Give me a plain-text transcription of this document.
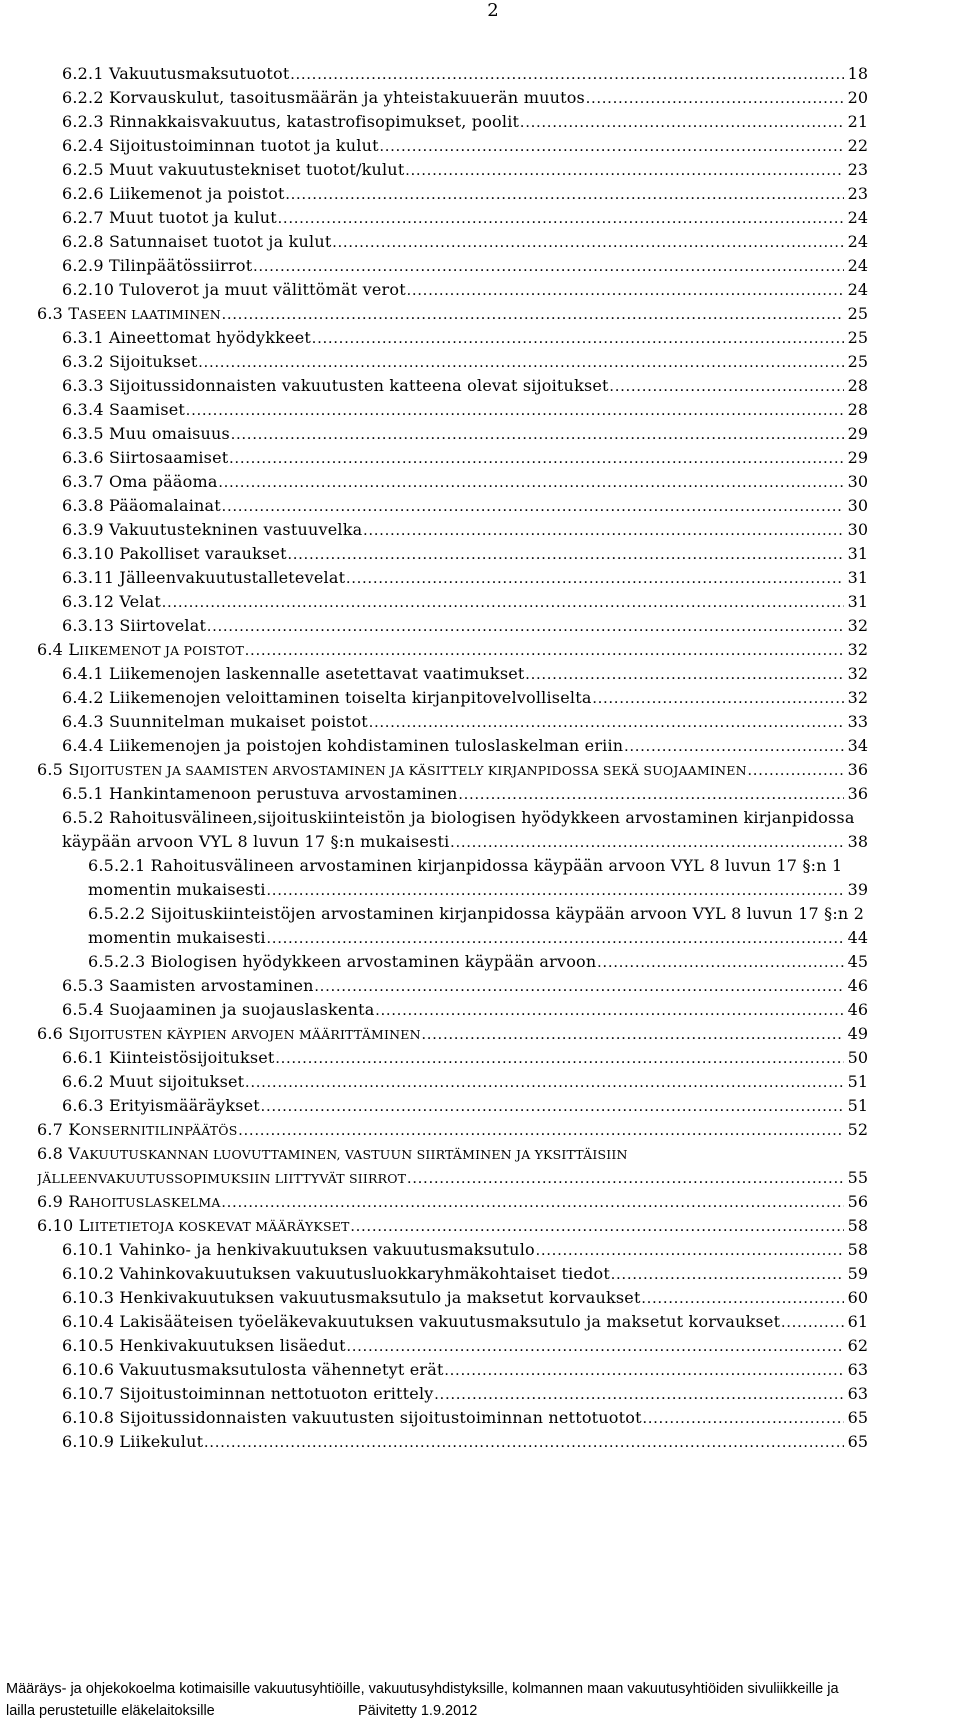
2
6.2.1 Vakuutusmaksutuotot .....	18
6.2.2 Korvauskulut, tasoitusmäärän ja yhteistakuuerän muutos .....	20
6.2.3 Rinnakkaisvakuutus, katastrofisopimukset, poolit .....	21
6.2.4 Sijoitustoiminnan tuotot ja kulut .....	22
6.2.5 Muut vakuutustekniset tuotot/kulut .....	23
6.2.6 Liikemenot ja poistot .....	23
6.2.7 Muut tuotot ja kulut .....	24
6.2.8 Satunnaiset tuotot ja kulut .....	24
6.2.9 Tilinpäätössiirrot .....	24
6.2.10 Tuloverot ja muut välittömät verot .....	24
6.3 TASEEN LAATIMINEN .....	25
6.3.1 Aineettomat hyödykkeet .....	25
6.3.2 Sijoitukset .....	25
6.3.3 Sijoitussidonnaisten vakuutusten katteena olevat sijoitukset .....	28
6.3.4 Saamiset .....	28
6.3.5 Muu omaisuus .....	29
6.3.6 Siirtosaamiset .....	29
6.3.7 Oma pääoma .....	30
6.3.8 Pääomalainat .....	30
6.3.9 Vakuutustekninen vastuuvelka .....	30
6.3.10 Pakolliset varaukset .....	31
6.3.11 Jälleenvakuutustalletevelat .....	31
6.3.12 Velat .....	31
6.3.13 Siirtovelat .....	32
6.4 LIIKEMENOT JA POISTOT .....	32
6.4.1 Liikemenojen laskennalle asetettavat vaatimukset .....	32
6.4.2 Liikemenojen veloittaminen toiselta kirjanpitovelvolliselta .....	32
6.4.3 Suunnitelman mukaiset poistot .....	33
6.4.4 Liikemenojen ja poistojen kohdistaminen tuloslaskelman eriin .....	34
6.5 SIJOITUSTEN JA SAAMISTEN ARVOSTAMINEN JA KÄSITTELY KIRJANPIDOSSA SEKÄ SUOJAAMINEN .....	36
6.5.1 Hankintamenoon perustuva arvostaminen .....	36
6.5.2 Rahoitusvälineen,sijoituskiinteistön ja biologisen hyödykkeen arvostaminen kirjanpidossa
käypään arvoon VYL 8 luvun 17 §:n mukaisesti .....	38
6.5.2.1 Rahoitusvälineen arvostaminen kirjanpidossa käypään arvoon VYL 8 luvun 17 §:n 1
momentin mukaisesti .....	39
6.5.2.2 Sijoituskiinteistöjen arvostaminen kirjanpidossa käypään arvoon VYL 8 luvun 17 §:n 2
momentin mukaisesti .....	44
6.5.2.3 Biologisen hyödykkeen arvostaminen käypään arvoon .....	45
6.5.3 Saamisten arvostaminen .....	46
6.5.4 Suojaaminen ja suojauslaskenta .....	46
6.6 SIJOITUSTEN KÄYPIEN ARVOJEN MÄÄRITTÄMINEN .....	49
6.6.1 Kiinteistösijoitukset .....	50
6.6.2 Muut sijoitukset .....	51
6.6.3 Erityismääräykset .....	51
6.7 KONSERNITILINPÄÄTÖS .....	52
6.8 VAKUUTUSKANNAN LUOVUTTAMINEN, VASTUUN SIIRTÄMINEN JA YKSITTÄISIIN
JÄLLEENVAKUUTUSSOPIMUKSIIN LIITTYVÄT SIIRROT .....	55
6.9 RAHOITUSLASKELMA .....	56
6.10 LIITETIETOJA KOSKEVAT MÄÄRÄYKSET .....	58
6.10.1 Vahinko- ja henkivakuutuksen vakuutusmaksutulo .....	58
6.10.2 Vahinkovakuutuksen vakuutusluokkaryhmäkohtaiset tiedot .....	59
6.10.3 Henkivakuutuksen vakuutusmaksutulo ja maksetut korvaukset .....	60
6.10.4 Lakisääteisen työeläkevakuutuksen vakuutusmaksutulo ja maksetut korvaukset .....	61
6.10.5 Henkivakuutuksen lisäedut .....	62
6.10.6 Vakuutusmaksutulosta vähennetyt erät .....	63
6.10.7 Sijoitustoiminnan nettotuoton erittely .....	63
6.10.8 Sijoitussidonnaisten vakuutusten sijoitustoiminnan nettotuotot .....	65
6.10.9 Liikekulut .....	65
Määräys- ja ohjekokoelma kotimaisille vakuutusyhtiöille, vakuutusyhdistyksille, kolmannen maan vakuutusyhtiöiden sivuliikkeille ja
lailla perustetuille eläkelaitoksille	Päivitetty 1.9.2012
